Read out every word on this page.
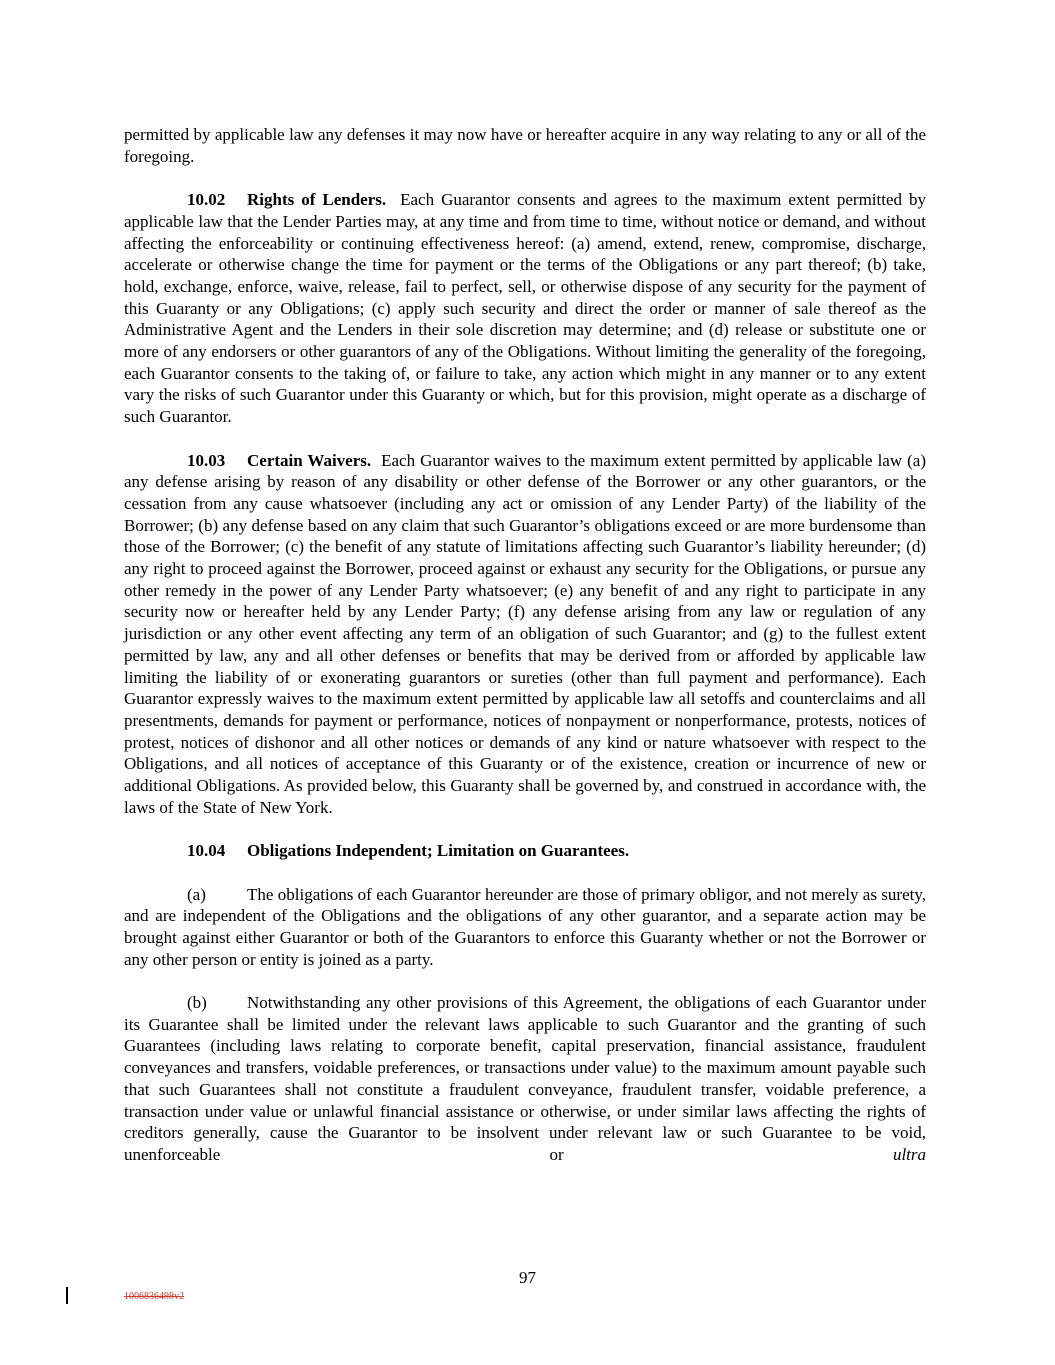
permitted by applicable law any defenses it may now have or hereafter acquire in any way relating to any or all of the foregoing.

10.02 Rights of Lenders. Each Guarantor consents and agrees to the maximum extent permitted by applicable law that the Lender Parties may, at any time and from time to time, without notice or demand, and without affecting the enforceability or continuing effectiveness hereof: (a) amend, extend, renew, compromise, discharge, accelerate or otherwise change the time for payment or the terms of the Obligations or any part thereof; (b) take, hold, exchange, enforce, waive, release, fail to perfect, sell, or otherwise dispose of any security for the payment of this Guaranty or any Obligations; (c) apply such security and direct the order or manner of sale thereof as the Administrative Agent and the Lenders in their sole discretion may determine; and (d) release or substitute one or more of any endorsers or other guarantors of any of the Obligations. Without limiting the generality of the foregoing, each Guarantor consents to the taking of, or failure to take, any action which might in any manner or to any extent vary the risks of such Guarantor under this Guaranty or which, but for this provision, might operate as a discharge of such Guarantor.

10.03 Certain Waivers. Each Guarantor waives to the maximum extent permitted by applicable law (a) any defense arising by reason of any disability or other defense of the Borrower or any other guarantors, or the cessation from any cause whatsoever (including any act or omission of any Lender Party) of the liability of the Borrower; (b) any defense based on any claim that such Guarantor’s obligations exceed or are more burdensome than those of the Borrower; (c) the benefit of any statute of limitations affecting such Guarantor’s liability hereunder; (d) any right to proceed against the Borrower, proceed against or exhaust any security for the Obligations, or pursue any other remedy in the power of any Lender Party whatsoever; (e) any benefit of and any right to participate in any security now or hereafter held by any Lender Party; (f) any defense arising from any law or regulation of any jurisdiction or any other event affecting any term of an obligation of such Guarantor; and (g) to the fullest extent permitted by law, any and all other defenses or benefits that may be derived from or afforded by applicable law limiting the liability of or exonerating guarantors or sureties (other than full payment and performance). Each Guarantor expressly waives to the maximum extent permitted by applicable law all setoffs and counterclaims and all presentments, demands for payment or performance, notices of nonpayment or nonperformance, protests, notices of protest, notices of dishonor and all other notices or demands of any kind or nature whatsoever with respect to the Obligations, and all notices of acceptance of this Guaranty or of the existence, creation or incurrence of new or additional Obligations. As provided below, this Guaranty shall be governed by, and construed in accordance with, the laws of the State of New York.

10.04 Obligations Independent; Limitation on Guarantees.

(a) The obligations of each Guarantor hereunder are those of primary obligor, and not merely as surety, and are independent of the Obligations and the obligations of any other guarantor, and a separate action may be brought against either Guarantor or both of the Guarantors to enforce this Guaranty whether or not the Borrower or any other person or entity is joined as a party.

(b) Notwithstanding any other provisions of this Agreement, the obligations of each Guarantor under its Guarantee shall be limited under the relevant laws applicable to such Guarantor and the granting of such Guarantees (including laws relating to corporate benefit, capital preservation, financial assistance, fraudulent conveyances and transfers, voidable preferences, or transactions under value) to the maximum amount payable such that such Guarantees shall not constitute a fraudulent conveyance, fraudulent transfer, voidable preference, a transaction under value or unlawful financial assistance or otherwise, or under similar laws affecting the rights of creditors generally, cause the Guarantor to be insolvent under relevant law or such Guarantee to be void, unenforceable or	ultra

97
1006836498v2
